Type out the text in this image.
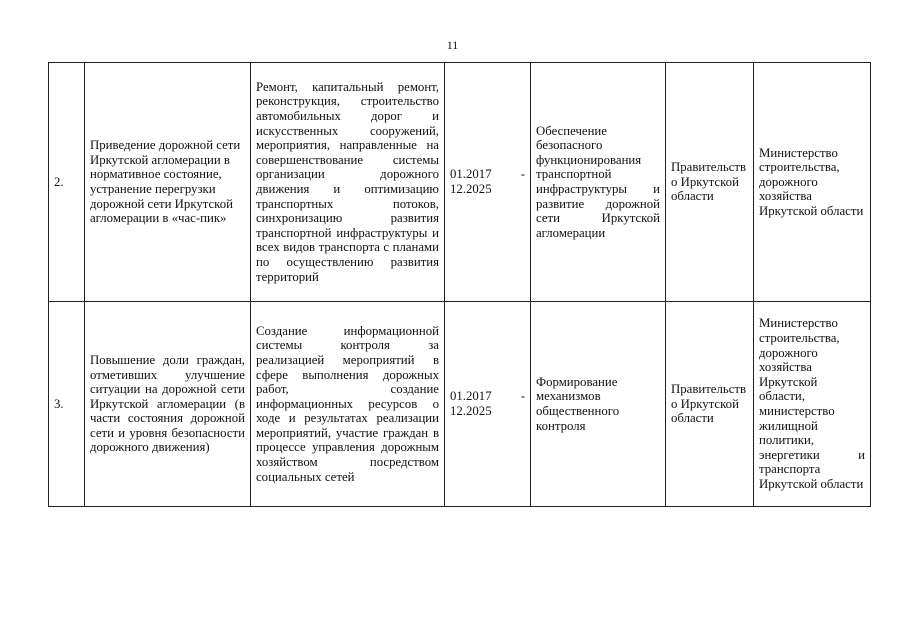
11
2.	Приведение дорожной сети Иркутской агломерации в нормативное состояние, устранение перегрузки дорожной сети Иркутской агломерации в «час-пик»	Ремонт, капитальный ремонт, реконструкция, строительство автомобильных дорог и искусственных сооружений, мероприятия, направленные на совершенствование системы организации дорожного движения и оптимизацию транспортных потоков, синхронизацию развития транспортной инфраструктуры и всех видов транспорта с планами по осуществлению развития территорий	01.2017 - 12.2025	Обеспечение безопасного функционирования транспортной инфраструктуры и развитие дорожной сети Иркутской агломерации	Правительство Иркутской области	Министерство строительства, дорожного хозяйства Иркутской области
3.	Повышение доли граждан, отметивших улучшение ситуации на дорожной сети Иркутской агломерации (в части состояния дорожной сети и уровня безопасности дорожного движения)	Создание информационной системы контроля за реализацией мероприятий в сфере выполнения дорожных работ, создание информационных ресурсов о ходе и результатах реализации мероприятий, участие граждан в процессе управления дорожным хозяйством посредством социальных сетей	01.2017 - 12.2025	Формирование механизмов общественного контроля	Правительство Иркутской области	Министерство строительства, дорожного хозяйства Иркутской области, министерство жилищной политики, энергетики и транспорта Иркутской области
